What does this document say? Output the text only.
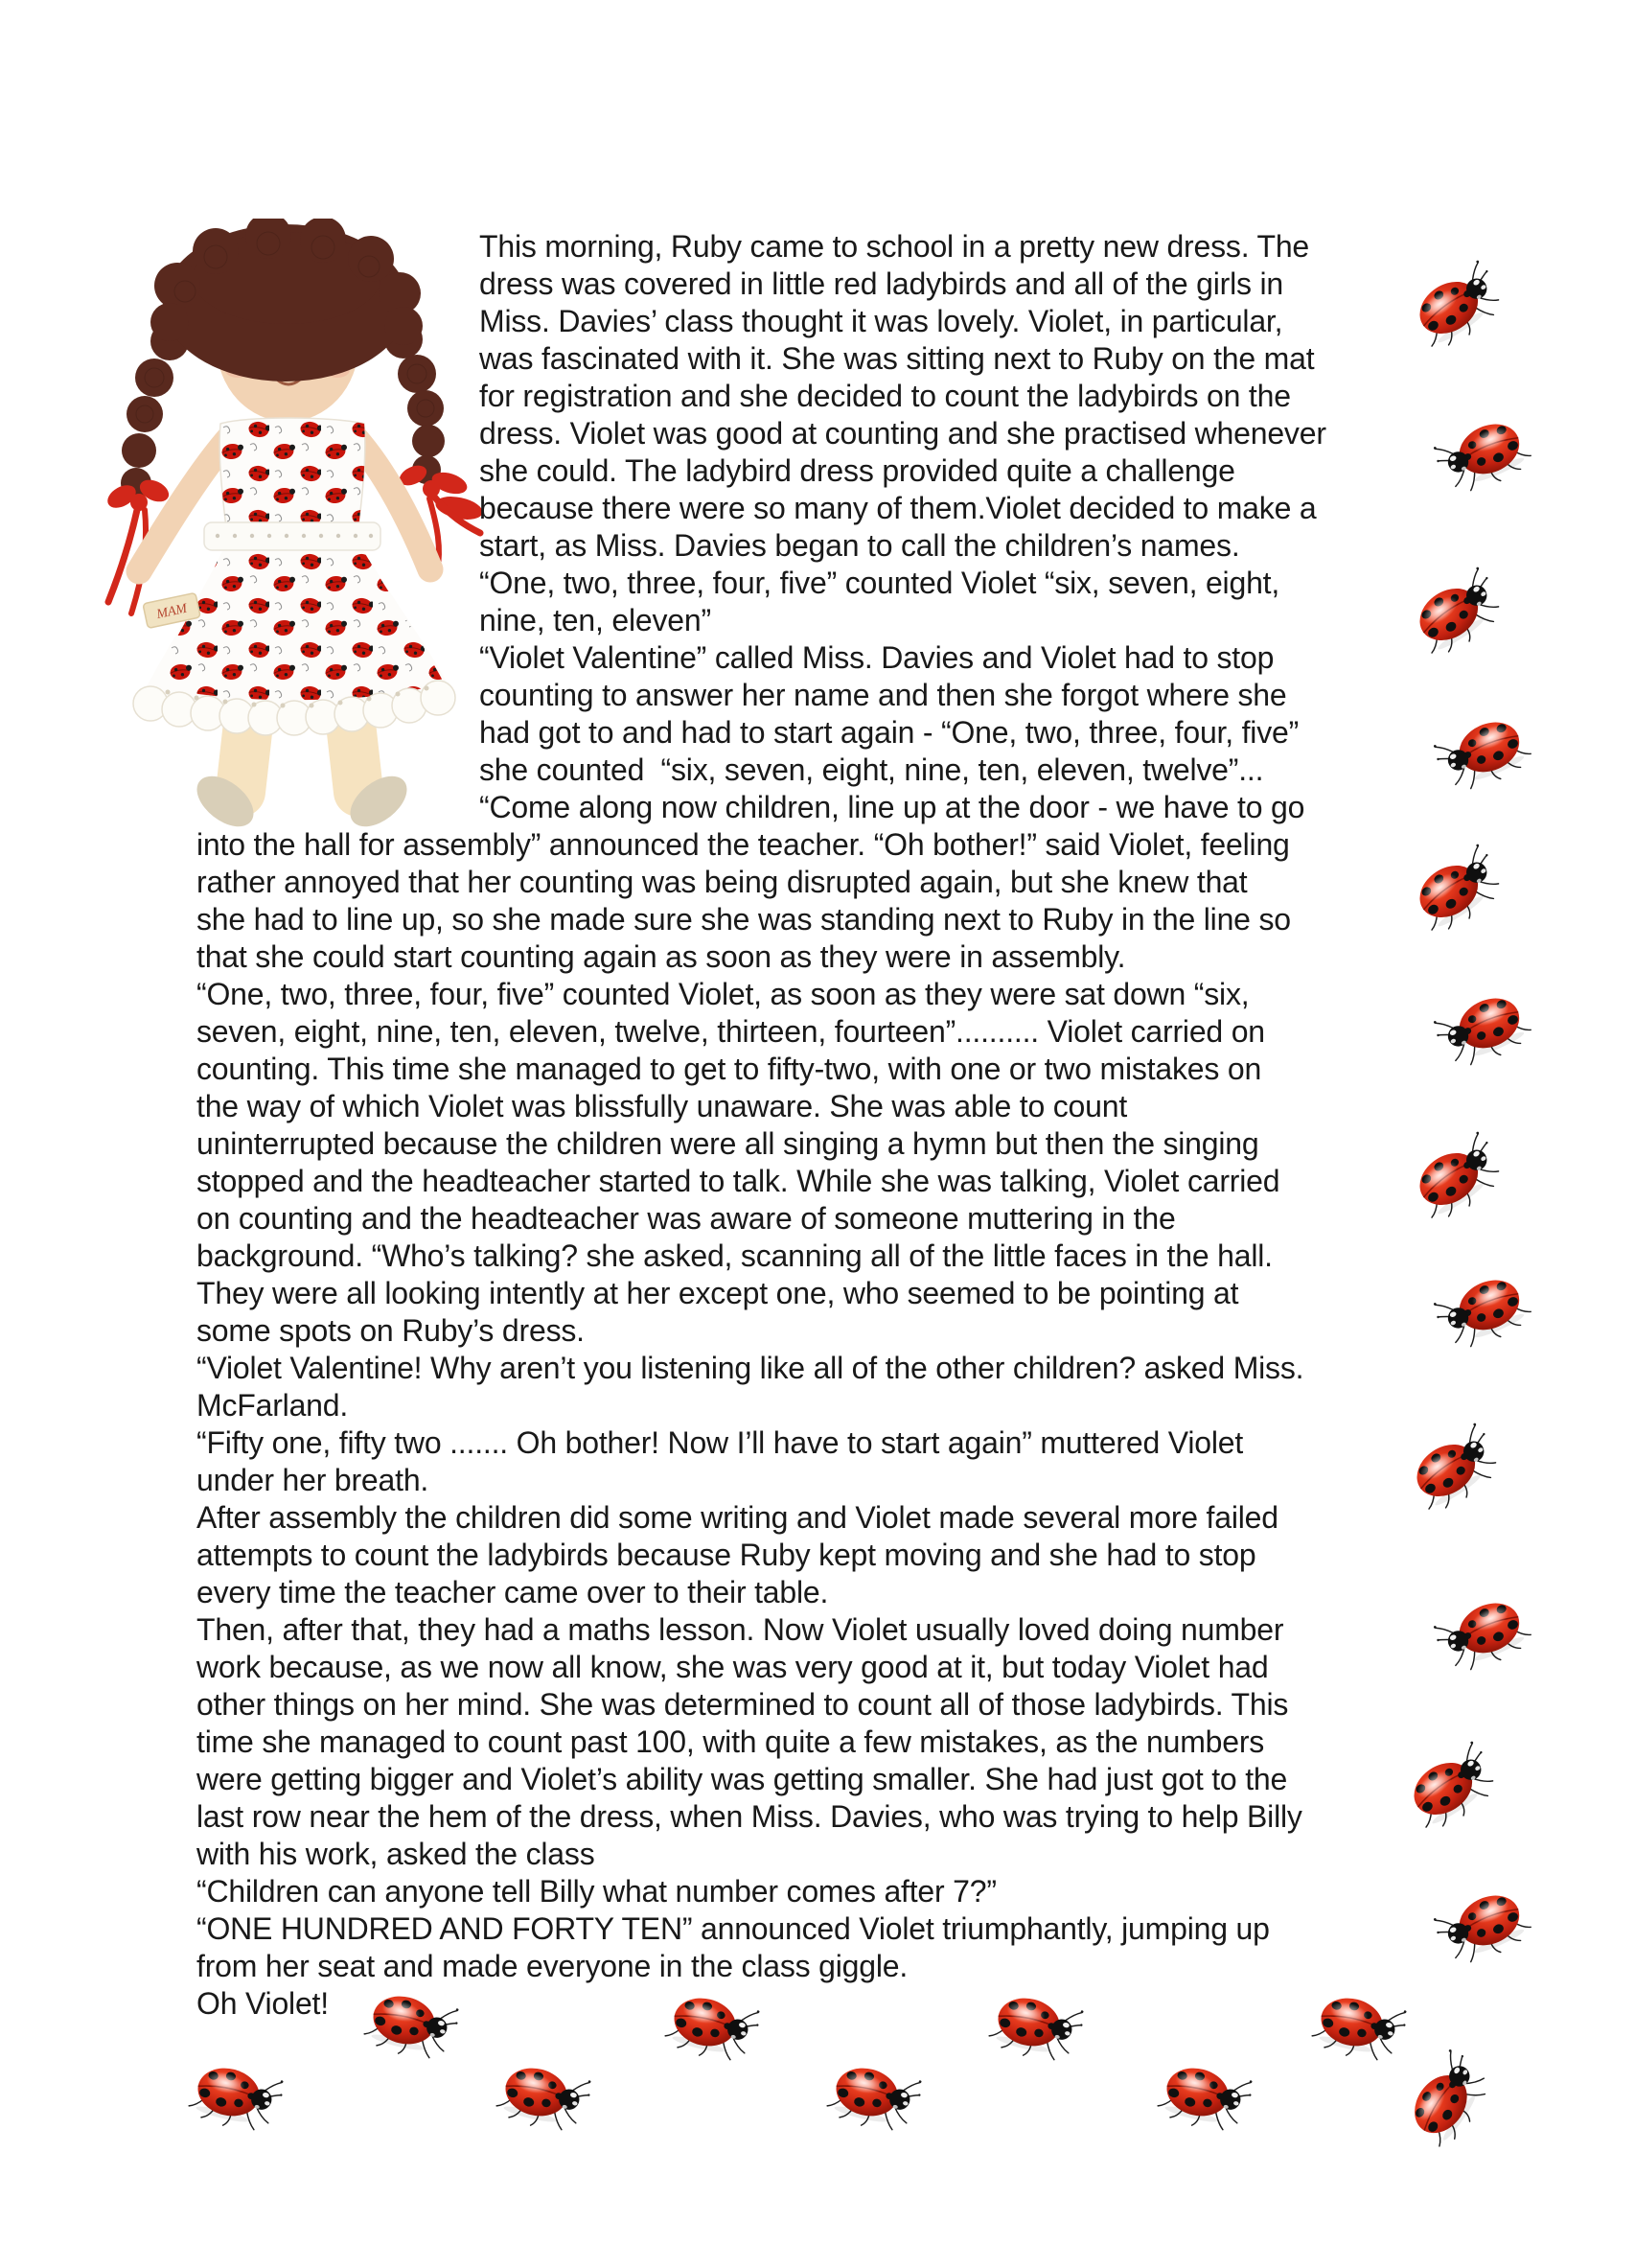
MAM
This morning, Ruby came to school in a pretty new dress. The
dress was covered in little red ladybirds and all of the girls in
Miss. Davies’ class thought it was lovely. Violet, in particular,
was fascinated with it. She was sitting next to Ruby on the mat
for registration and she decided to count the ladybirds on the
dress. Violet was good at counting and she practised whenever
she could. The ladybird dress provided quite a challenge
because there were so many of them.Violet decided to make a
start, as Miss. Davies began to call the children’s names.
“One, two, three, four, five” counted Violet “six, seven, eight,
nine, ten, eleven”
“Violet Valentine” called Miss. Davies and Violet had to stop
counting to answer her name and then she forgot where she
had got to and had to start again - “One, two, three, four, five”
she counted  “six, seven, eight, nine, ten, eleven, twelve”...
“Come along now children, line up at the door - we have to go
into the hall for assembly” announced the teacher. “Oh bother!” said Violet, feeling
rather annoyed that her counting was being disrupted again, but she knew that
she had to line up, so she made sure she was standing next to Ruby in the line so
that she could start counting again as soon as they were in assembly.
“One, two, three, four, five” counted Violet, as soon as they were sat down “six,
seven, eight, nine, ten, eleven, twelve, thirteen, fourteen”.......... Violet carried on
counting. This time she managed to get to fifty-two, with one or two mistakes on
the way of which Violet was blissfully unaware. She was able to count
uninterrupted because the children were all singing a hymn but then the singing
stopped and the headteacher started to talk. While she was talking, Violet carried
on counting and the headteacher was aware of someone muttering in the
background. “Who’s talking? she asked, scanning all of the little faces in the hall.
They were all looking intently at her except one, who seemed to be pointing at
some spots on Ruby’s dress.
“Violet Valentine! Why aren’t you listening like all of the other children? asked Miss.
McFarland.
“Fifty one, fifty two ....... Oh bother! Now I’ll have to start again” muttered Violet
under her breath.
After assembly the children did some writing and Violet made several more failed
attempts to count the ladybirds because Ruby kept moving and she had to stop
every time the teacher came over to their table.
Then, after that, they had a maths lesson. Now Violet usually loved doing number
work because, as we now all know, she was very good at it, but today Violet had
other things on her mind. She was determined to count all of those ladybirds. This
time she managed to count past 100, with quite a few mistakes, as the numbers
were getting bigger and Violet’s ability was getting smaller. She had just got to the
last row near the hem of the dress, when Miss. Davies, who was trying to help Billy
with his work, asked the class
“Children can anyone tell Billy what number comes after 7?”
“ONE HUNDRED AND FORTY TEN” announced Violet triumphantly, jumping up
from her seat and made everyone in the class giggle.
Oh Violet!
